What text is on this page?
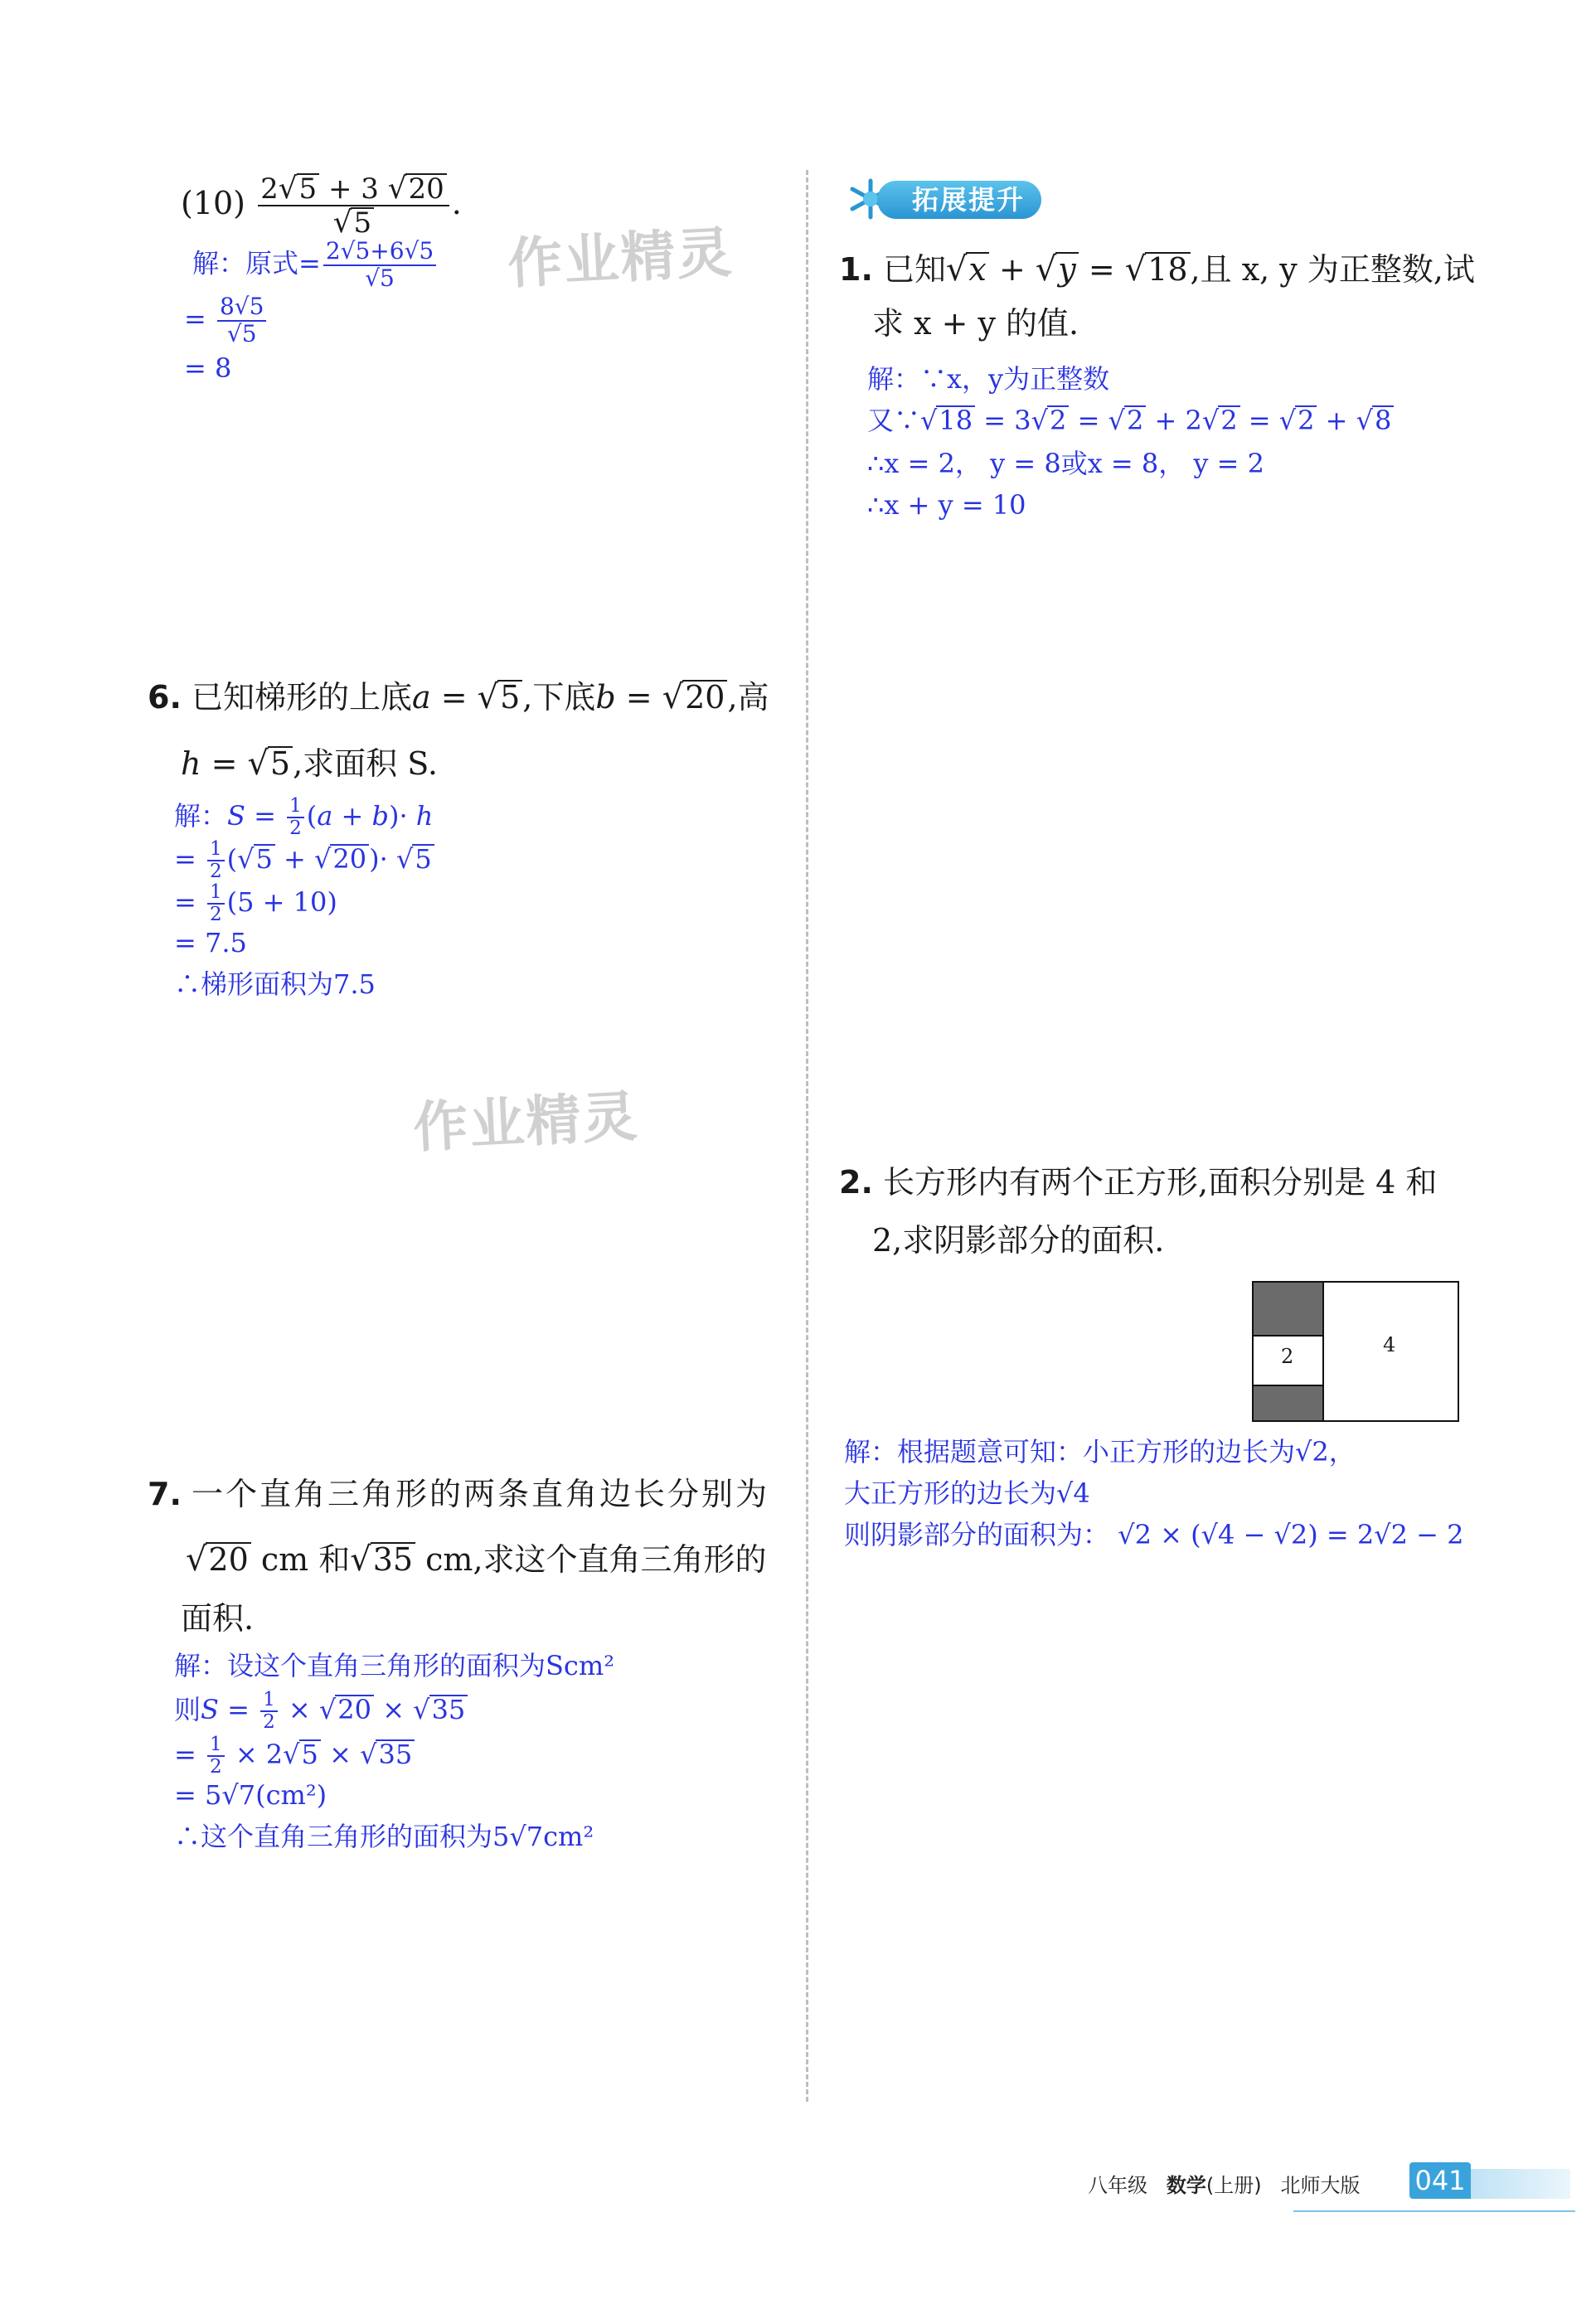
作业精灵
作业精灵
$(10) \frac{2√5 + 3 √20}{√5}$ .
解：原式= $\frac{2√5+6√5}{√5}$
= $\frac{8√5}{√5}$
= 8
6. 已知梯形的上底a = √5,下底b = √20,高
h = √5,求面积 S.
解：$S = \frac{1}{2} (a + b)\cdot h$
= $\frac{1}{2} (√5 + √20)\cdot √5$
= $\frac{1}{2} (5 + 10)$
= 7.5
∴梯形面积为7.5
7. 一个直角三角形的两条直角边长分别为
√20 cm 和√35 cm,求这个直角三角形的
面积.
解：设这个直角三角形的面积为Scm²
则$S = \frac{1}{2} \times √20 \times √35$
= $\frac{1}{2} \times 2√5 \times √35$
= 5√7(cm²)
∴这个直角三角形的面积为5√7cm²
拓展提升
1. 已知√x + √y = √18,且 x, y 为正整数,试
求 x + y 的值.
解：∵x，y为正整数
又∵√18 = 3√2 = √2 + 2√2 = √2 + √8
∴x = 2， y = 8或x = 8， y = 2
∴x + y = 10
2. 长方形内有两个正方形,面积分别是 4 和
2,求阴影部分的面积.
2	4
解：根据题意可知：小正方形的边长为√2，
大正方形的边长为√4
则阴影部分的面积为： √2 × (√4 − √2) = 2√2 − 2
八年级 数学(上册) 北师大版 041
